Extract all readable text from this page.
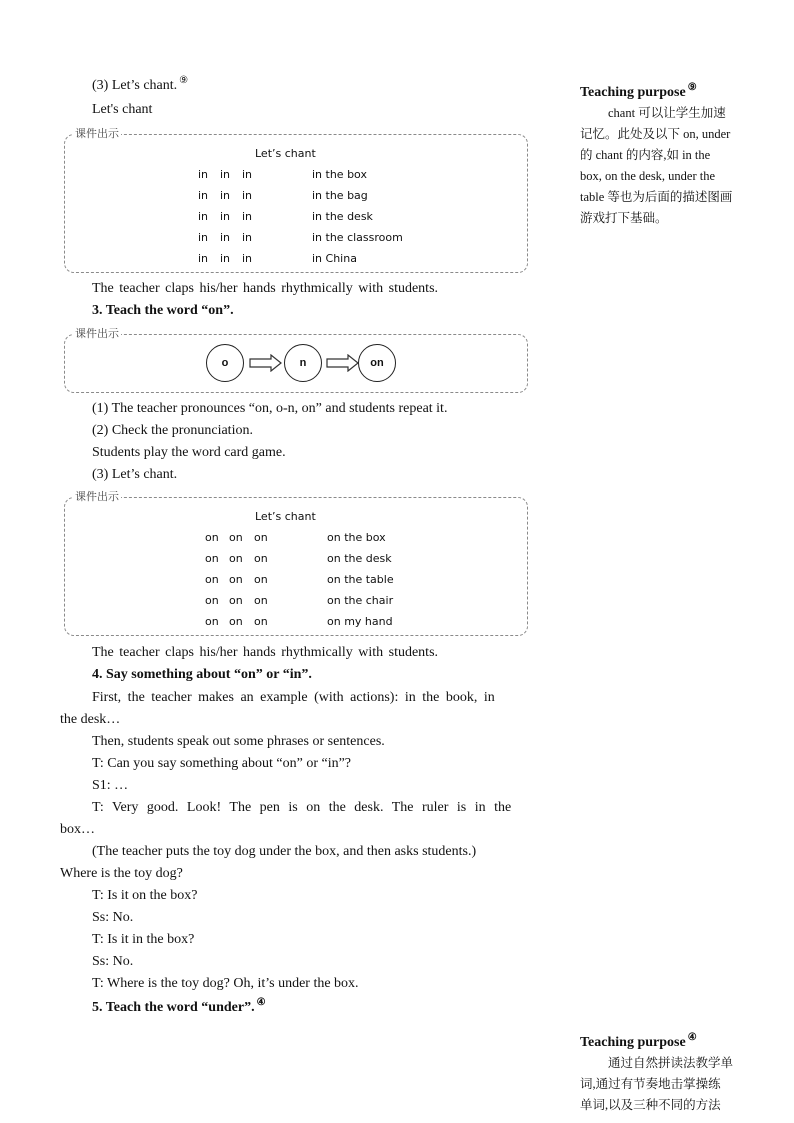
(3) Let’s chant. ⑨
Let's chant
课件出示
Let’s chant
in in in	in the box
in in in	in the bag
in in in	in the desk
in in in	in the classroom
in in in	in China
The teacher claps his/her hands rhythmically with students.
3. Teach the word “on”.
课件出示
o	n	on
(1) The teacher pronounces “on, o-n, on” and students repeat it.
(2) Check the pronunciation.
Students play the word card game.
(3) Let’s chant.
课件出示
Let’s chant
on on on	on the box
on on on	on the desk
on on on	on the table
on on on	on the chair
on on on	on my hand
The teacher claps his/her hands rhythmically with students.
4. Say something about “on” or “in”.
First, the teacher makes an example (with actions): in the book, in
the desk…
Then, students speak out some phrases or sentences.
T: Can you say something about “on” or “in”?
S1: …
T: Very good. Look! The pen is on the desk. The ruler is in the
box…
(The teacher puts the toy dog under the box, and then asks students.)
Where is the toy dog?
T: Is it on the box?
Ss: No.
T: Is it in the box?
Ss: No.
T: Where is the toy dog? Oh, it’s under the box.
5. Teach the word “under”. ④
Teaching purpose ⑨
chant 可以让学生加速
记忆。此处及以下 on, under
的 chant 的内容,如 in the
box, on the desk, under the
table 等也为后面的描述图画
游戏打下基础。
Teaching purpose ④
通过自然拼读法教学单
词,通过有节奏地击掌操练
单词,以及三种不同的方法
